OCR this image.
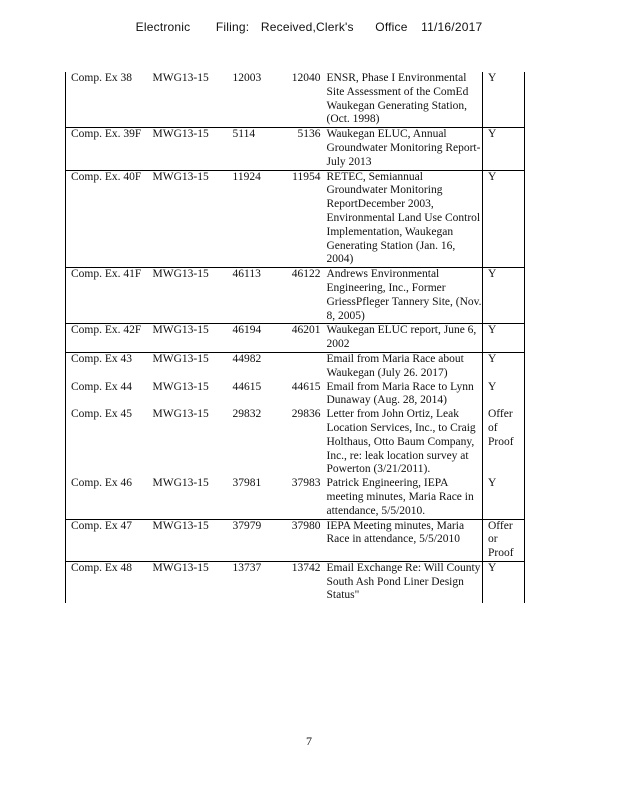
Electronic Filing: Received,Clerk's Office 11/16/2017
Comp. Ex 38	MWG13-15	12003	12040	ENSR, Phase I Environmental Site Assessment of the ComEd Waukegan Generating Station, (Oct. 1998)	Y
Comp. Ex. 39F	MWG13-15	5114	5136	Waukegan ELUC, Annual Groundwater Monitoring Report-July 2013	Y
Comp. Ex. 40F	MWG13-15	11924	11954	RETEC, Semiannual Groundwater Monitoring ReportDecember 2003, Environmental Land Use Control Implementation, Waukegan Generating Station (Jan. 16, 2004)	Y
Comp. Ex. 41F	MWG13-15	46113	46122	Andrews Environmental Engineering, Inc., Former GriessPfleger Tannery Site, (Nov. 8, 2005)	Y
Comp. Ex. 42F	MWG13-15	46194	46201	Waukegan ELUC report, June 6, 2002	Y
Comp. Ex 43	MWG13-15	44982		Email from Maria Race about Waukegan (July 26. 2017)	Y
Comp. Ex 44	MWG13-15	44615	44615	Email from Maria Race to Lynn Dunaway (Aug. 28, 2014)	Y
Comp. Ex 45	MWG13-15	29832	29836	Letter from John Ortiz, Leak Location Services, Inc., to Craig Holthaus, Otto Baum Company, Inc., re: leak location survey at Powerton (3/21/2011).	Offer of Proof
Comp. Ex 46	MWG13-15	37981	37983	Patrick Engineering, IEPA meeting minutes, Maria Race in attendance, 5/5/2010.	Y
Comp. Ex 47	MWG13-15	37979	37980	IEPA Meeting minutes, Maria Race in attendance, 5/5/2010	Offer or Proof
Comp. Ex 48	MWG13-15	13737	13742	Email Exchange Re: Will County South Ash Pond Liner Design Status"	Y
7
